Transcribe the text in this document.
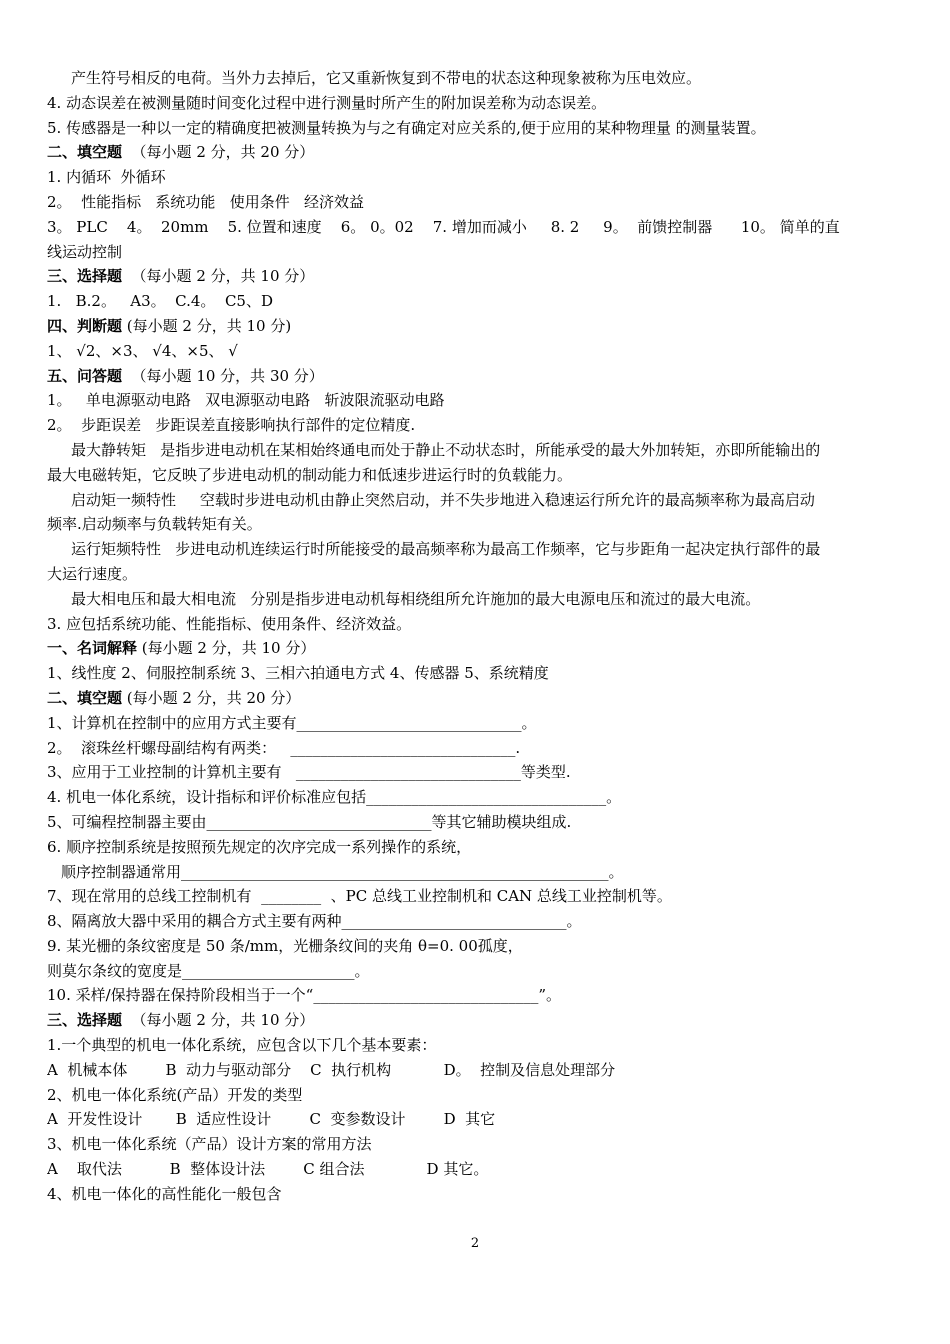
产生符号相反的电荷。当外力去掉后，它又重新恢复到不带电的状态这种现象被称为压电效应。
4. 动态误差在被测量随时间变化过程中进行测量时所产生的附加误差称为动态误差。
5. 传感器是一种以一定的精确度把被测量转换为与之有确定对应关系的,便于应用的某种物理量 的测量装置。
二、填空题  （每小题 2 分，共 20 分）
1. 内循环  外循环
2。  性能指标   系统功能   使用条件   经济效益
3。 PLC    4。  20mm    5. 位置和速度    6。 0。02    7. 增加而减小     8. 2     9。  前馈控制器      10。 简单的直
线运动控制
三、选择题  （每小题 2 分，共 10 分）
1.   B.2。   A3。  C.4。  C5、D
四、判断题 (每小题 2 分，共 10 分)
1、 √2、×3、 √4、×5、 √
五、问答题  （每小题 10 分，共 30 分）
1。   单电源驱动电路   双电源驱动电路   斩波限流驱动电路
2。  步距误差   步距误差直接影响执行部件的定位精度.
最大静转矩   是指步进电动机在某相始终通电而处于静止不动状态时，所能承受的最大外加转矩，亦即所能输出的
最大电磁转矩，它反映了步进电动机的制动能力和低速步进运行时的负载能力。
启动矩一频特性     空载时步进电动机由静止突然启动，并不失步地进入稳速运行所允许的最高频率称为最高启动
频率.启动频率与负载转矩有关。
运行矩频特性   步进电动机连续运行时所能接受的最高频率称为最高工作频率，它与步距角一起决定执行部件的最
大运行速度。
最大相电压和最大相电流   分别是指步进电动机每相绕组所允许施加的最大电源电压和流过的最大电流。
3. 应包括系统功能、性能指标、使用条件、经济效益。
一、名词解释 (每小题 2 分，共 10 分）
1、线性度 2、伺服控制系统 3、三相六拍通电方式 4、传感器 5、系统精度
二、填空题 (每小题 2 分，共 20 分）
1、计算机在控制中的应用方式主要有______________________________。
2。  滚珠丝杆螺母副结构有两类：   ______________________________.
3、应用于工业控制的计算机主要有   ______________________________等类型.
4. 机电一体化系统，设计指标和评价标准应包括________________________________。
5、可编程控制器主要由______________________________等其它辅助模块组成.
6. 顺序控制系统是按照预先规定的次序完成一系列操作的系统，
顺序控制器通常用_________________________________________________________。
7、现在常用的总线工控制机有  ________  、PC 总线工业控制机和 CAN 总线工业控制机等。
8、隔离放大器中采用的耦合方式主要有两种______________________________。
9. 某光栅的条纹密度是 50 条/mm，光栅条纹间的夹角 θ=0. 00孤度，
则莫尔条纹的宽度是_______________________。
10. 采样/保持器在保持阶段相当于一个“______________________________”。
三、选择题  （每小题 2 分，共 10 分）
1.一个典型的机电一体化系统，应包含以下几个基本要素：
A  机械本体        B  动力与驱动部分    C  执行机构           D。  控制及信息处理部分
2、机电一体化系统(产品）开发的类型
A  开发性设计       B  适应性设计        C  变参数设计        D  其它
3、机电一体化系统（产品）设计方案的常用方法
A    取代法          B  整体设计法        C 组合法             D 其它。
4、机电一体化的高性能化一般包含
2
